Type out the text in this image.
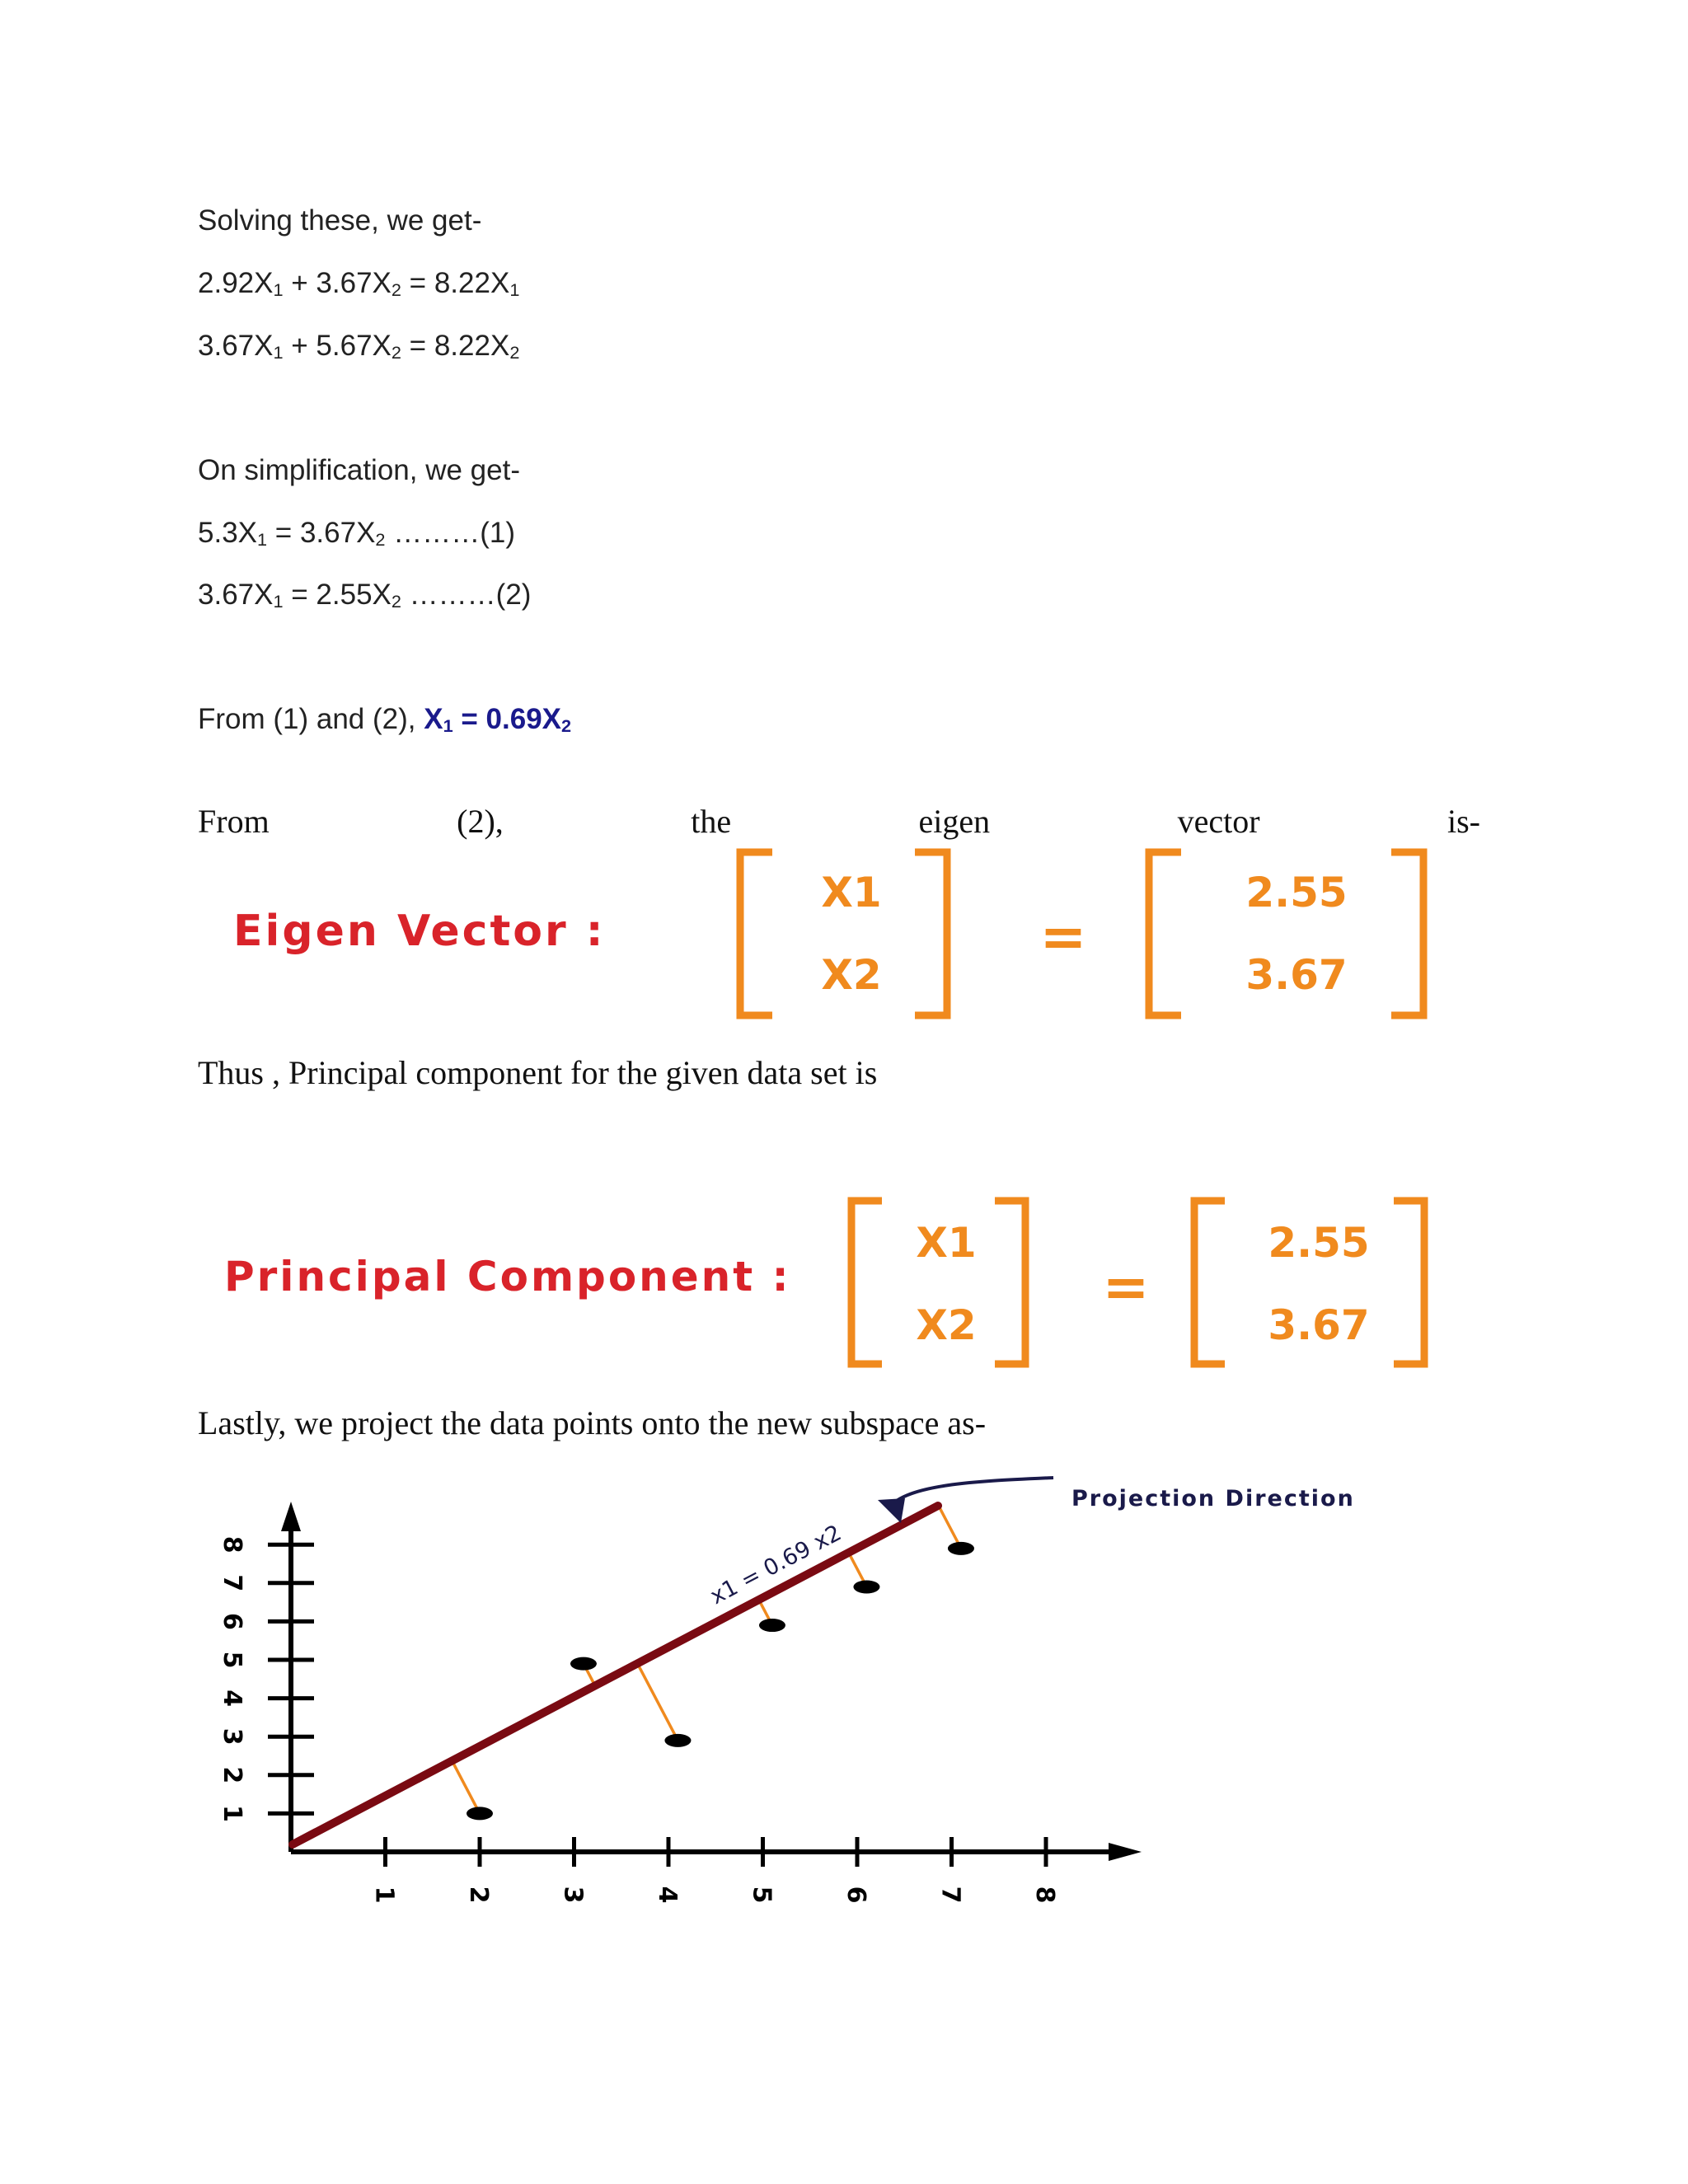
Solving these, we get-
$2.92X_1 + 3.67X_2 = 8.22X_1$
$3.67X_1 + 5.67X_2 = 8.22X_2$
On simplification, we get-
$5.3X_1 = 3.67X_2$ ………(1)
$3.67X_1 = 2.55X_2$ ………(2)
From (1) and (2), $X_1 = 0.69X_2$
From	(2),	the	eigen	vector	is-
Eigen Vector :
X1
X2
=
2.55
3.67
Thus , Principal component for the given data set is
Principal Component :
X1
X2
=
2.55
3.67
Lastly, we project the data points onto the new subspace as-
1	2	3	4	5	6	7	8
1
2
3
4
5
6
7
8	x1 = 0.69 x2
Projection Direction
